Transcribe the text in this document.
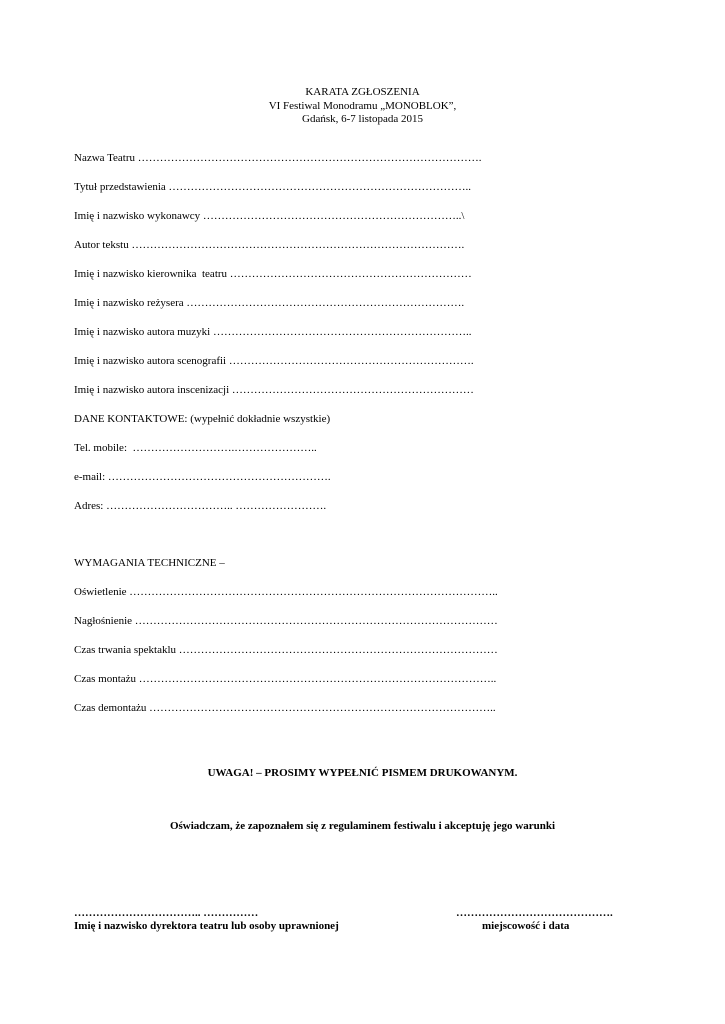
KARATA ZGŁOSZENIA
VI Festiwal Monodramu „MONOBLOK”,
Gdańsk, 6-7 listopada 2015
Nazwa Teatru ………………………………………………………………………………….
Tytuł przedstawienia ………………………………………………………………………..
Imię i nazwisko wykonawcy ……………………………………………………………..\
Autor tekstu ……………………………………………………………………………….
Imię i nazwisko kierownika  teatru …………………………………………………………
Imię i nazwisko reżysera ………………………………………………………………….
Imię i nazwisko autora muzyki ……………………………………………………………..
Imię i nazwisko autora scenografii ………………………………………………………….
Imię i nazwisko autora inscenizacji …………………………………………………………
DANE KONTAKTOWE: (wypełnić dokładnie wszystkie)
Tel. mobile:  ……………………….…………………..
e-mail: …………………………………………………….
Adres: …………………………….. …………………….
WYMAGANIA TECHNICZNE –
Oświetlenie ………………………………………………………………………………………..
Nagłośnienie ………………………………………………………………………………………
Czas trwania spektaklu ……………………………………………………………………………
Czas montażu ……………………………………………………………………………………..
Czas demontażu …………………………………………………………………………………..
UWAGA! – PROSIMY WYPEŁNIĆ PISMEM DRUKOWANYM.
Oświadczam, że zapoznałem się z regulaminem festiwalu i akceptuję jego warunki
…………………………….. ……………
Imię i nazwisko dyrektora teatru lub osoby uprawnionej
…………………………………….
miejscowość i data
